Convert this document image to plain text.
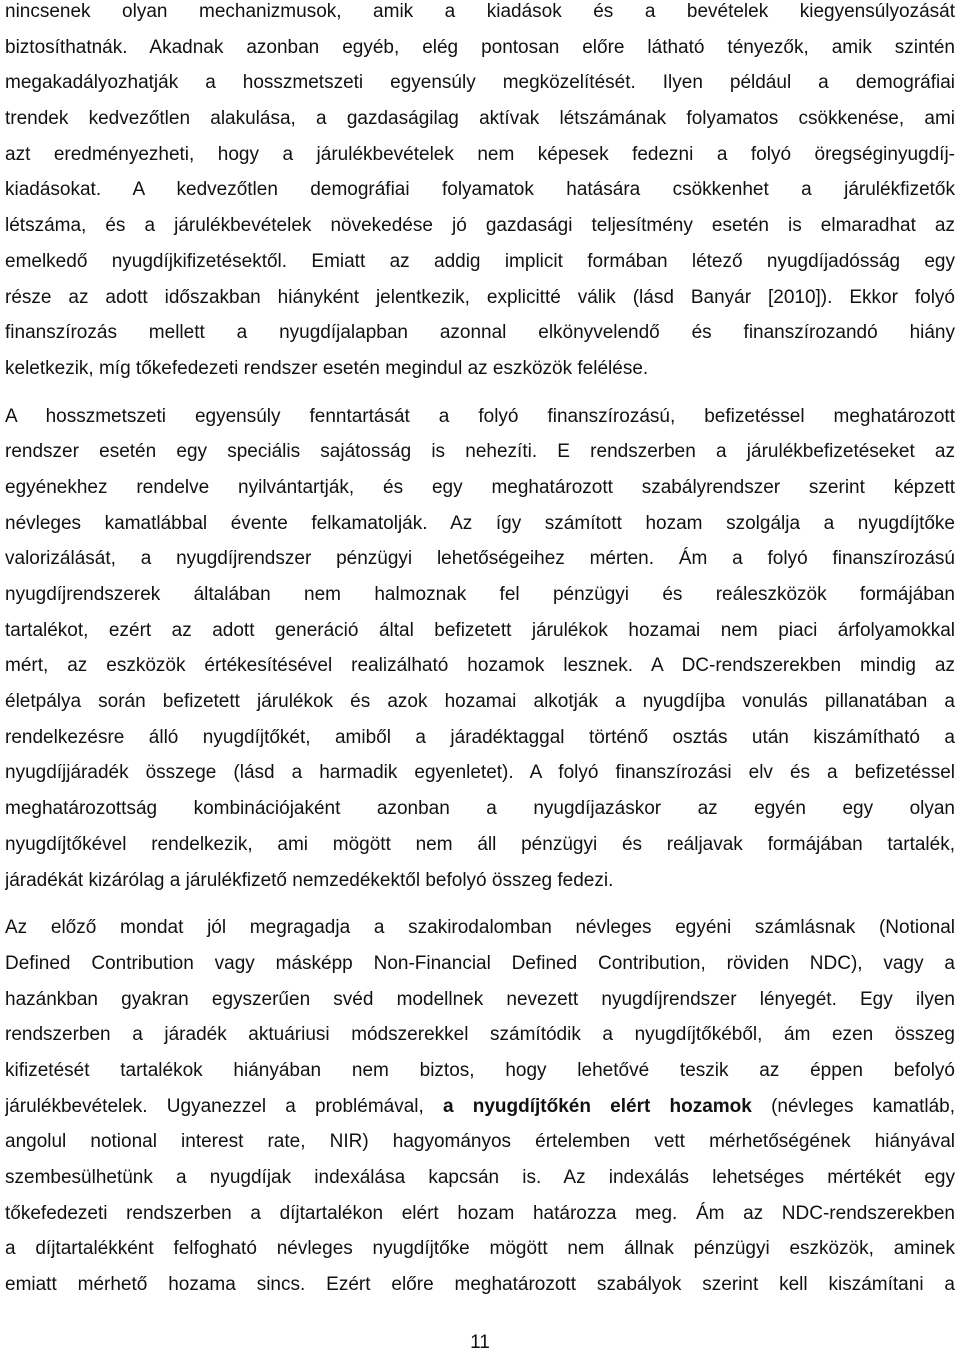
nincsenek olyan mechanizmusok, amik a kiadások és a bevételek kiegyensúlyozását
biztosíthatnák. Akadnak azonban egyéb, elég pontosan előre látható tényezők, amik szintén
megakadályozhatják a hosszmetszeti egyensúly megközelítését. Ilyen például a demográfiai
trendek kedvezőtlen alakulása, a gazdaságilag aktívak létszámának folyamatos csökkenése, ami
azt eredményezheti, hogy a járulékbevételek nem képesek fedezni a folyó öregséginyugdíj-
kiadásokat. A kedvezőtlen demográfiai folyamatok hatására csökkenhet a járulékfizetők
létszáma, és a járulékbevételek növekedése jó gazdasági teljesítmény esetén is elmaradhat az
emelkedő nyugdíjkifizetésektől. Emiatt az addig implicit formában létező nyugdíjadósság egy
része az adott időszakban hiányként jelentkezik, explicitté válik (lásd Banyár [2010]). Ekkor folyó
finanszírozás mellett a nyugdíjalapban azonnal elkönyvelendő és finanszírozandó hiány
keletkezik, míg tőkefedezeti rendszer esetén megindul az eszközök felélése.
A hosszmetszeti egyensúly fenntartását a folyó finanszírozású, befizetéssel meghatározott
rendszer esetén egy speciális sajátosság is nehezíti. E rendszerben a járulékbefizetéseket az
egyénekhez rendelve nyilvántartják, és egy meghatározott szabályrendszer szerint képzett
névleges kamatlábbal évente felkamatolják. Az így számított hozam szolgálja a nyugdíjtőke
valorizálását, a nyugdíjrendszer pénzügyi lehetőségeihez mérten. Ám a folyó finanszírozású
nyugdíjrendszerek általában nem halmoznak fel pénzügyi és reáleszközök formájában
tartalékot, ezért az adott generáció által befizetett járulékok hozamai nem piaci árfolyamokkal
mért, az eszközök értékesítésével realizálható hozamok lesznek. A DC-rendszerekben mindig az
életpálya során befizetett járulékok és azok hozamai alkotják a nyugdíjba vonulás pillanatában a
rendelkezésre álló nyugdíjtőkét, amiből a járadéktaggal történő osztás után kiszámítható a
nyugdíjjáradék összege (lásd a harmadik egyenletet). A folyó finanszírozási elv és a befizetéssel
meghatározottság kombinációjaként azonban a nyugdíjazáskor az egyén egy olyan
nyugdíjtőkével rendelkezik, ami mögött nem áll pénzügyi és reáljavak formájában tartalék,
járadékát kizárólag a járulékfizető nemzedékektől befolyó összeg fedezi.
Az előző mondat jól megragadja a szakirodalomban névleges egyéni számlásnak (Notional
Defined Contribution vagy másképp Non-Financial Defined Contribution, röviden NDC), vagy a
hazánkban gyakran egyszerűen svéd modellnek nevezett nyugdíjrendszer lényegét. Egy ilyen
rendszerben a járadék aktuáriusi módszerekkel számítódik a nyugdíjtőkéből, ám ezen összeg
kifizetését tartalékok hiányában nem biztos, hogy lehetővé teszik az éppen befolyó
járulékbevételek. Ugyanezzel a problémával, a nyugdíjtőkén elért hozamok (névleges kamatláb,
angolul notional interest rate, NIR) hagyományos értelemben vett mérhetőségének hiányával
szembesülhetünk a nyugdíjak indexálása kapcsán is. Az indexálás lehetséges mértékét egy
tőkefedezeti rendszerben a díjtartalékon elért hozam határozza meg. Ám az NDC-rendszerekben
a díjtartalékként felfogható névleges nyugdíjtőke mögött nem állnak pénzügyi eszközök, aminek
emiatt mérhető hozama sincs. Ezért előre meghatározott szabályok szerint kell kiszámítani a
11
